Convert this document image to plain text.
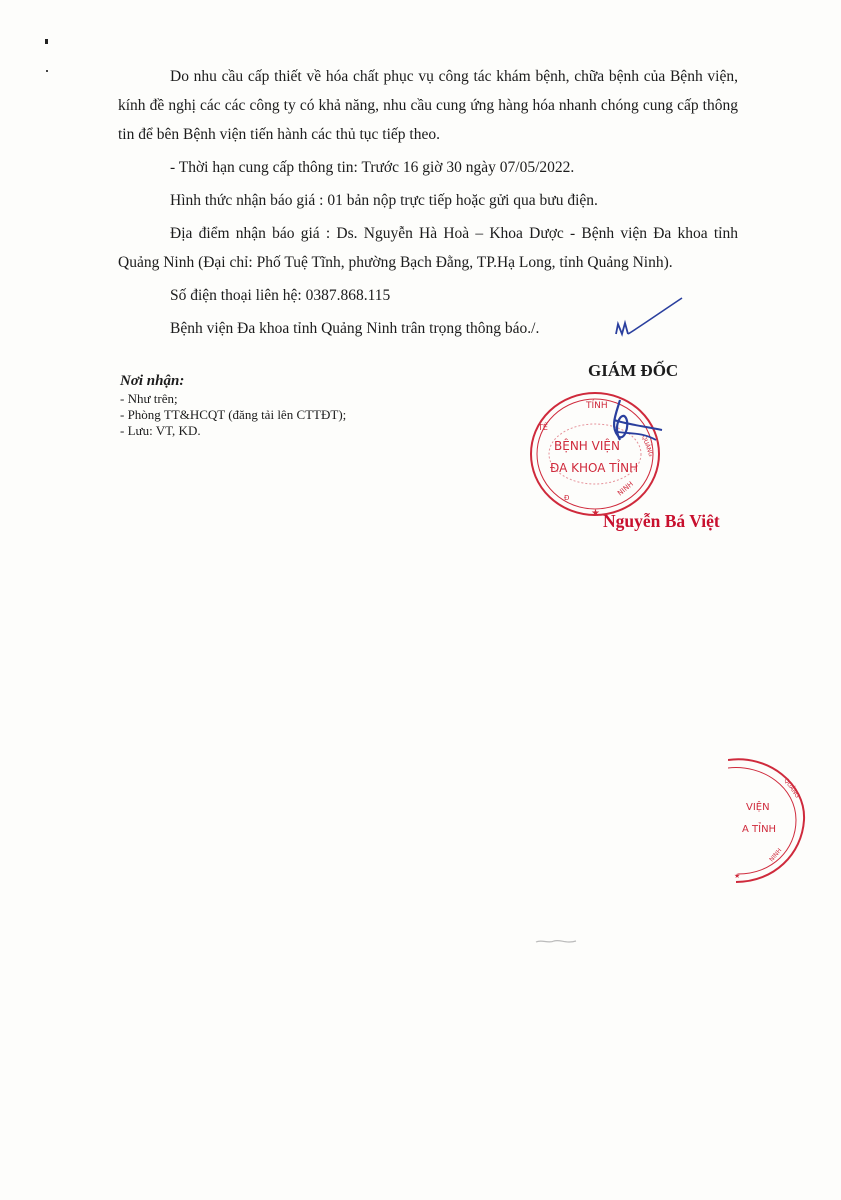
Do nhu cầu cấp thiết về hóa chất phục vụ công tác khám bệnh, chữa bệnh của Bệnh viện, kính đề nghị các các công ty có khả năng, nhu cầu cung ứng hàng hóa nhanh chóng cung cấp thông tin để bên Bệnh viện tiến hành các thủ tục tiếp theo.

- Thời hạn cung cấp thông tin: Trước 16 giờ 30 ngày 07/05/2022.

Hình thức nhận báo giá : 01 bản nộp trực tiếp hoặc gửi qua bưu điện.

Địa điểm nhận báo giá : Ds. Nguyễn Hà Hoà – Khoa Dược - Bệnh viện Đa khoa tỉnh Quảng Ninh (Đại chỉ: Phố Tuệ Tĩnh, phường Bạch Đằng, TP.Hạ Long, tỉnh Quảng Ninh).

Số điện thoại liên hệ: 0387.868.115

Bệnh viện Đa khoa tỉnh Quảng Ninh trân trọng thông báo./.

Nơi nhận:
- Như trên;
- Phòng TT&HCQT (đăng tải lên CTTĐT);
- Lưu: VT, KD.
GIÁM ĐỐC
TỈNH
TẾ
QUẢNG
BỆNH VIỆN
ĐA KHOA TỈNH
Đ
NINH
★ Nguyễn Bá Việt
QUẢNG
VIỆN
A TỈNH
NINH
★
